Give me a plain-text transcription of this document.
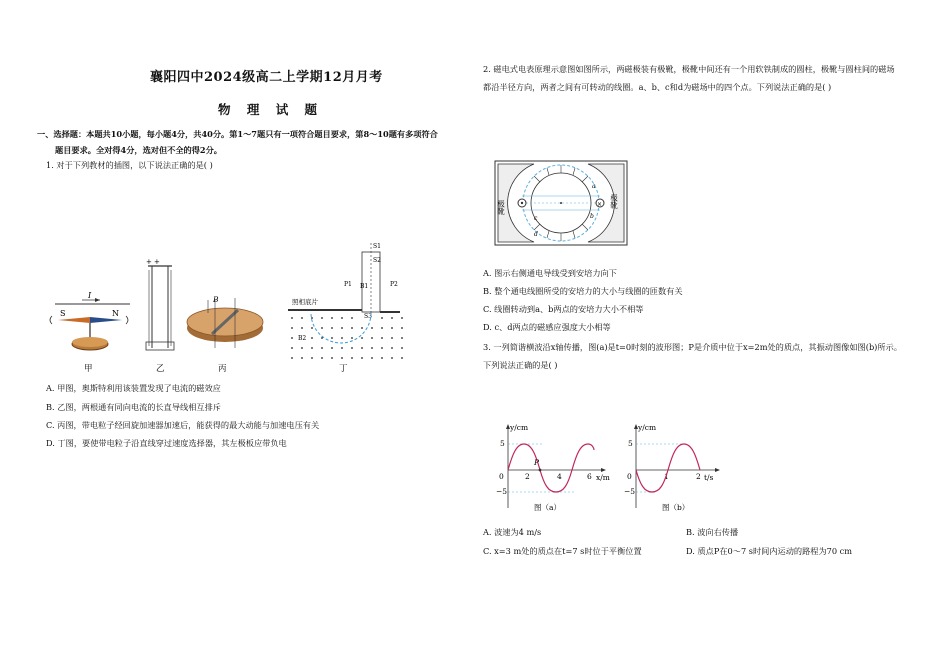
襄阳四中2024级高二上学期12月月考
物 理 试 题
一、选择题：本题共10小题，每小题4分，共40分。第1～7题只有一项符合题目要求，第8～10题有多项符合
题目要求。全对得4分，选对但不全的得2分。
1. 对于下列教材的插图，以下说法正确的是( )
I
S	N
甲
+ +
乙
B
丙
照相底片
S1
S2
S3
P1	P2
B1
B2
丁
A. 甲图，奥斯特利用该装置发现了电流的磁效应
B. 乙图，两根通有同向电流的长直导线相互排斥
C. 丙图，带电粒子经回旋加速器加速后，能获得的最大动能与加速电压有关
D. 丁图，要使带电粒子沿直线穿过速度选择器，其左极板应带负电
2. 磁电式电表原理示意图如图所示，两磁极装有极靴，极靴中间还有一个用软铁制成的圆柱，极靴与圆柱间的磁场
都沿半径方向，两者之间有可转动的线圈。a、b、c和d为磁场中的四个点。下列说法正确的是( )
×
极靴	极靴
a
b
c
d
A. 图示右侧通电导线受到安培力向下
B. 整个通电线圈所受的安培力的大小与线圈的匝数有关
C. 线圈转动到a、b两点的安培力大小不相等
D. c、d两点的磁感应强度大小相等
3. 一列简谐横波沿x轴传播，图(a)是t=0时刻的波形图；P是介质中位于x=2m处的质点，其振动图像如图(b)所示。
下列说法正确的是( )
y/cm
x/m
0
5
−5
2	4	6
P
图（a）
y/cm
t/s
0
5
−5
1	2
图（b）
A. 波速为4 m/s	B. 波向右传播
C. x=3 m处的质点在t=7 s时位于平衡位置	D. 质点P在0～7 s时间内运动的路程为70 cm
